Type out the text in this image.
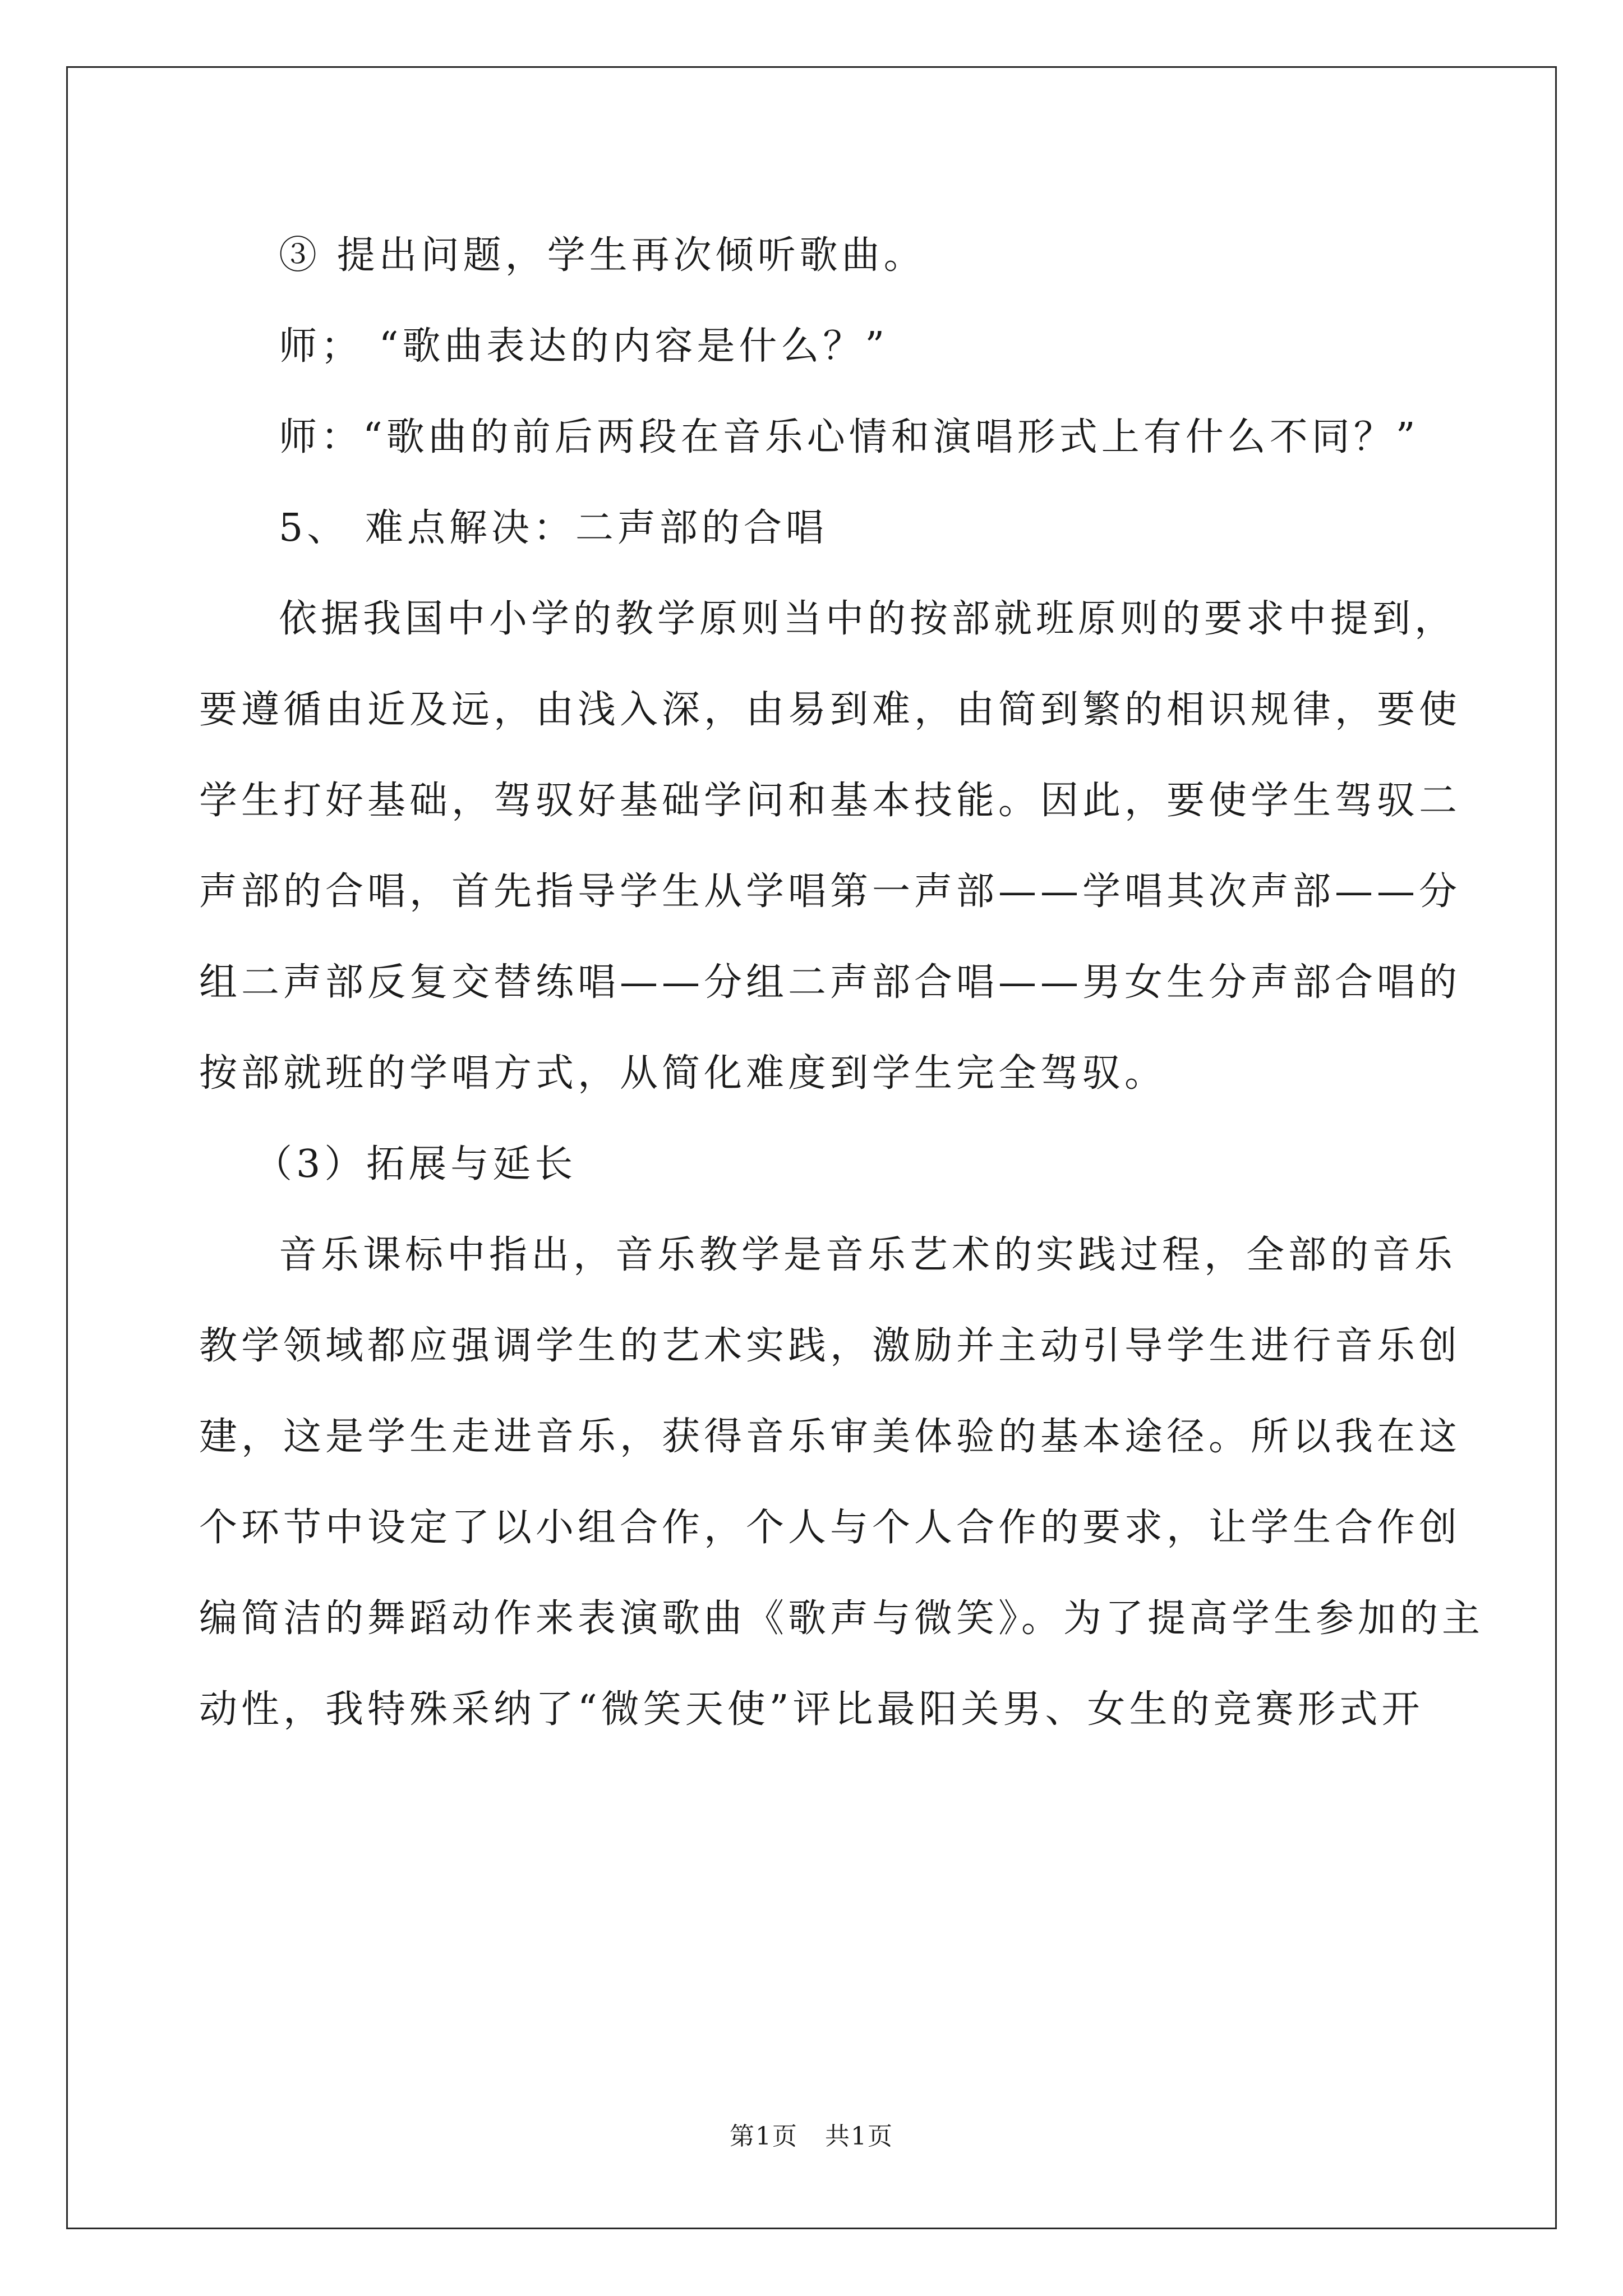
③ 提出问题，学生再次倾听歌曲。

师； “歌曲表达的内容是什么？”

师：“歌曲的前后两段在音乐心情和演唱形式上有什么不同？”

5、 难点解决：二声部的合唱

依据我国中小学的教学原则当中的按部就班原则的要求中提到，

要遵循由近及远，由浅入深，由易到难，由简到繁的相识规律，要使

学生打好基础，驾驭好基础学问和基本技能。因此，要使学生驾驭二

声部的合唱，首先指导学生从学唱第一声部——学唱其次声部——分

组二声部反复交替练唱——分组二声部合唱——男女生分声部合唱的

按部就班的学唱方式，从简化难度到学生完全驾驭。

（3）拓展与延长

音乐课标中指出，音乐教学是音乐艺术的实践过程，全部的音乐

教学领域都应强调学生的艺术实践，激励并主动引导学生进行音乐创

建，这是学生走进音乐，获得音乐审美体验的基本途径。所以我在这

个环节中设定了以小组合作，个人与个人合作的要求，让学生合作创

编简洁的舞蹈动作来表演歌曲《歌声与微笑》。为了提高学生参加的主

动性，我特殊采纳了“微笑天使”评比最阳关男、女生的竞赛形式开

第1页 共1页
